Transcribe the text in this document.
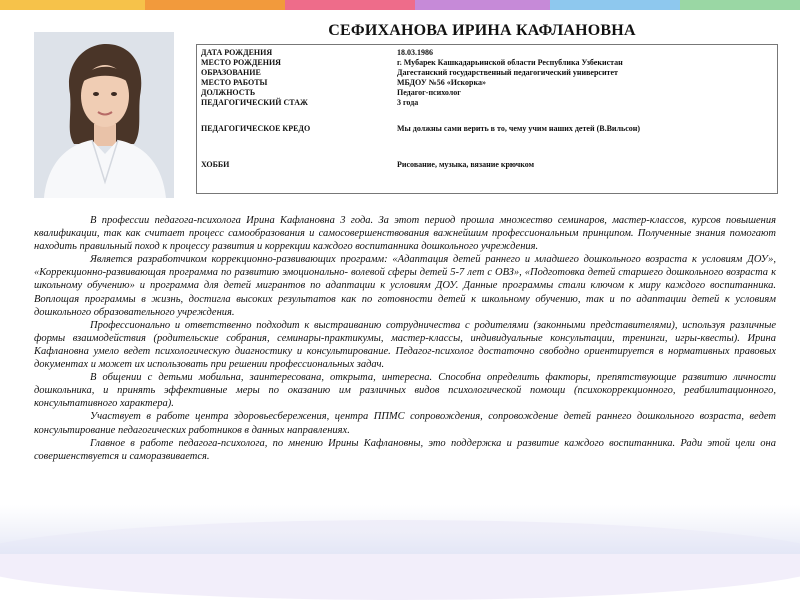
СЕФИХАНОВА ИРИНА КАФЛАНОВНА
ДАТА РОЖДЕНИЯ	18.03.1986
МЕСТО РОЖДЕНИЯ	г. Мубарек Кашкадарьинской области Республика Узбекистан
ОБРАЗОВАНИЕ	Дагестанский государственный педагогический университет
МЕСТО РАБОТЫ	МБДОУ №56 «Искорка»
ДОЛЖНОСТЬ	Педагог-психолог
ПЕДАГОГИЧЕСКИЙ СТАЖ	3 года
ПЕДАГОГИЧЕСКОЕ КРЕДО	Мы должны сами верить в то, чему учим наших детей (В.Вильсон)
ХОББИ	Рисование, музыка, вязание крючком

В профессии педагога-психолога Ирина Кафлановна 3 года. За этот период прошла множество семинаров, мастер-классов, курсов повышения квалификации, так как считает процесс самообразования и самосовершенствования важнейшим профессиональным принципом. Полученные знания помогают находить правильный поход к процессу развития и коррекции каждого воспитанника дошкольного учреждения.

Является разработчиком коррекционно-развивающих программ: «Адаптация детей раннего и младшего дошкольного возраста к условиям ДОУ», «Коррекционно-развивающая программа по развитию эмоционально- волевой сферы детей 5-7 лет с ОВЗ», «Подготовка детей старшего дошкольного возраста к школьному обучению» и программа для детей мигрантов по адаптации к условиям ДОУ. Данные программы стали ключом к миру каждого воспитанника. Воплощая программы в жизнь, достигла высоких результатов как по готовности детей к школьному обучению, так и по адаптации детей к условиям дошкольного образовательного учреждения.

Профессионально и ответственно подходит к выстраиванию сотрудничества с родителями (законными представителями), используя различные формы взаимодействия (родительские собрания, семинары-практикумы, мастер-классы, индивидуальные консультации, тренинги, игры-квесты). Ирина Кафлановна умело ведет психологическую диагностику и консультирование. Педагог-психолог достаточно свободно ориентируется в нормативных правовых документах и может их использовать при решении профессиональных задач.

В общении с детьми мобильна, заинтересована, открыта, интересна. Способна определить факторы, препятствующие развитию личности дошкольника, и принять эффективные меры по оказанию им различных видов психологической помощи (психокоррекционного, реабилитационного, консультативного характера).

Участвует в работе центра здоровьесбережения, центра ППМС сопровождения, сопровождение детей раннего дошкольного возраста, ведет консультирование педагогических работников в данных направлениях.

Главное в работе педагога-психолога, по мнению Ирины Кафлановны, это поддержка и развитие каждого воспитанника. Ради этой цели она совершенствуется и саморазвивается.
